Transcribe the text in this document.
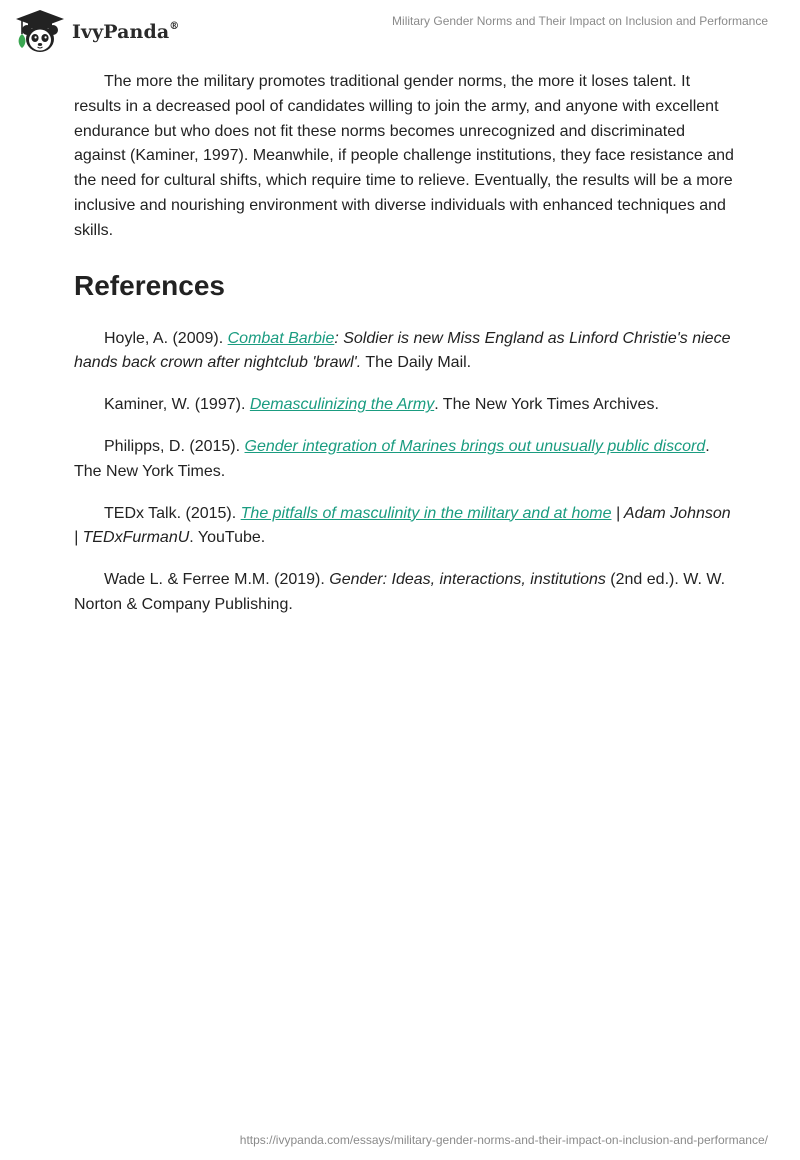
IvyPanda®	Military Gender Norms and Their Impact on Inclusion and Performance

The more the military promotes traditional gender norms, the more it loses talent. It results in a decreased pool of candidates willing to join the army, and anyone with excellent endurance but who does not fit these norms becomes unrecognized and discriminated against (Kaminer, 1997). Meanwhile, if people challenge institutions, they face resistance and the need for cultural shifts, which require time to relieve. Eventually, the results will be a more inclusive and nourishing environment with diverse individuals with enhanced techniques and skills.

References

Hoyle, A. (2009). Combat Barbie: Soldier is new Miss England as Linford Christie's niece hands back crown after nightclub 'brawl'. The Daily Mail.

Kaminer, W. (1997). Demasculinizing the Army. The New York Times Archives.

Philipps, D. (2015). Gender integration of Marines brings out unusually public discord. The New York Times.

TEDx Talk. (2015). The pitfalls of masculinity in the military and at home | Adam Johnson | TEDxFurmanU. YouTube.

Wade L. & Ferree M.M. (2019). Gender: Ideas, interactions, institutions (2nd ed.). W. W. Norton & Company Publishing.

https://ivypanda.com/essays/military-gender-norms-and-their-impact-on-inclusion-and-performance/
